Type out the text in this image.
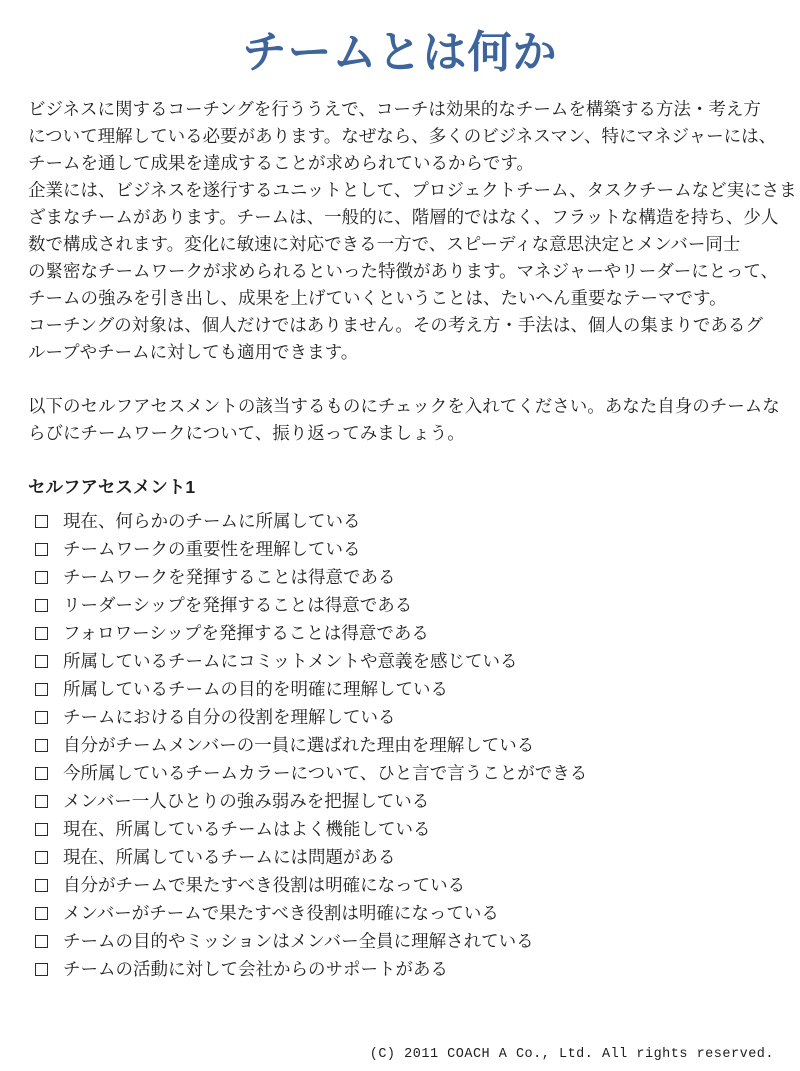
チームとは何か
ビジネスに関するコーチングを行ううえで、コーチは効果的なチームを構築する方法・考え方
について理解している必要があります。なぜなら、多くのビジネスマン、特にマネジャーには、
チームを通して成果を達成することが求められているからです。
企業には、ビジネスを遂行するユニットとして、プロジェクトチーム、タスクチームなど実にさま
ざまなチームがあります。チームは、一般的に、階層的ではなく、フラットな構造を持ち、少人
数で構成されます。変化に敏速に対応できる一方で、スピーディな意思決定とメンバー同士
の緊密なチームワークが求められるといった特徴があります。マネジャーやリーダーにとって、
チームの強みを引き出し、成果を上げていくということは、たいへん重要なテーマです。
コーチングの対象は、個人だけではありません。その考え方・手法は、個人の集まりであるグ
ループやチームに対しても適用できます。
以下のセルフアセスメントの該当するものにチェックを入れてください。あなた自身のチームな
らびにチームワークについて、振り返ってみましょう。
セルフアセスメント1
現在、何らかのチームに所属している
チームワークの重要性を理解している
チームワークを発揮することは得意である
リーダーシップを発揮することは得意である
フォロワーシップを発揮することは得意である
所属しているチームにコミットメントや意義を感じている
所属しているチームの目的を明確に理解している
チームにおける自分の役割を理解している
自分がチームメンバーの一員に選ばれた理由を理解している
今所属しているチームカラーについて、ひと言で言うことができる
メンバー一人ひとりの強み弱みを把握している
現在、所属しているチームはよく機能している
現在、所属しているチームには問題がある
自分がチームで果たすべき役割は明確になっている
メンバーがチームで果たすべき役割は明確になっている
チームの目的やミッションはメンバー全員に理解されている
チームの活動に対して会社からのサポートがある
(C) 2011 COACH A Co., Ltd. All rights reserved.
